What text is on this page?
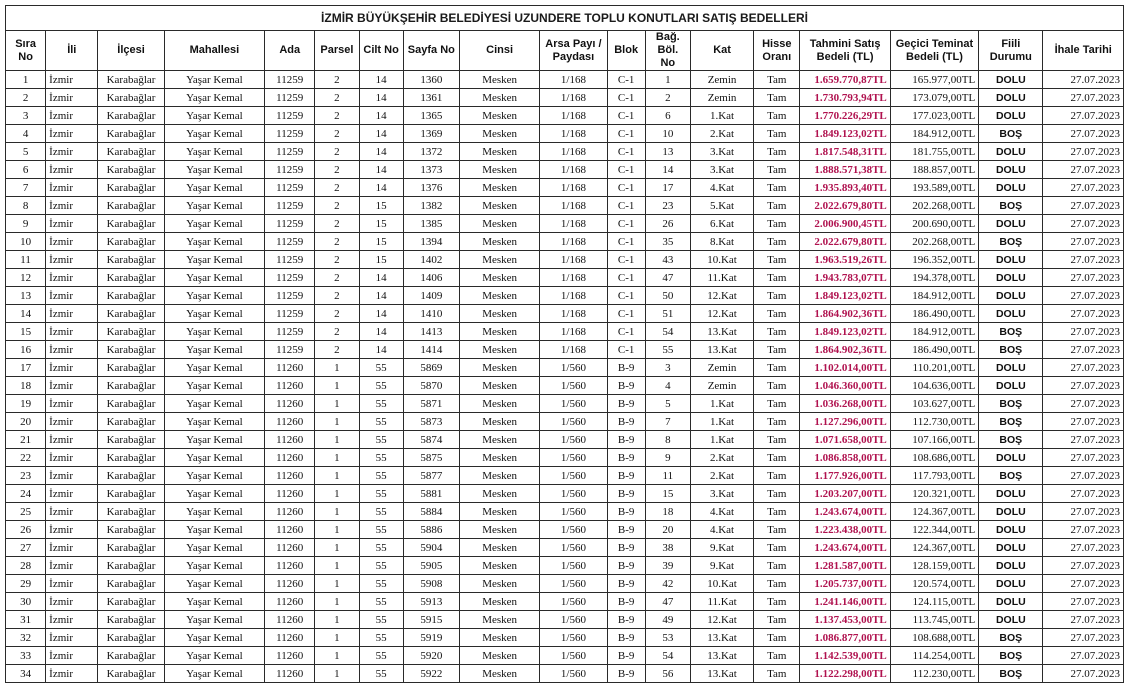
İZMİR BÜYÜKŞEHİR BELEDİYESİ UZUNDERE TOPLU KONUTLARI SATIŞ BEDELLERİ																	
Sıra No	İli	İlçesi	Mahallesi	Ada	Parsel	Cilt No	Sayfa No	Cinsi	Arsa Payı / Paydası	Blok	Bağ. Böl. No	Kat	Hisse Oranı	Tahmini Satış Bedeli (TL)	Geçici Teminat Bedeli (TL)	Fiili Durumu	İhale Tarihi
1	İzmir	Karabağlar	Yaşar Kemal	11259	2	14	1360	Mesken	1/168	C-1	1	Zemin	Tam	1.659.770,87TL	165.977,00TL	DOLU	27.07.2023
2	İzmir	Karabağlar	Yaşar Kemal	11259	2	14	1361	Mesken	1/168	C-1	2	Zemin	Tam	1.730.793,94TL	173.079,00TL	DOLU	27.07.2023
3	İzmir	Karabağlar	Yaşar Kemal	11259	2	14	1365	Mesken	1/168	C-1	6	1.Kat	Tam	1.770.226,29TL	177.023,00TL	DOLU	27.07.2023
4	İzmir	Karabağlar	Yaşar Kemal	11259	2	14	1369	Mesken	1/168	C-1	10	2.Kat	Tam	1.849.123,02TL	184.912,00TL	BOŞ	27.07.2023
5	İzmir	Karabağlar	Yaşar Kemal	11259	2	14	1372	Mesken	1/168	C-1	13	3.Kat	Tam	1.817.548,31TL	181.755,00TL	DOLU	27.07.2023
6	İzmir	Karabağlar	Yaşar Kemal	11259	2	14	1373	Mesken	1/168	C-1	14	3.Kat	Tam	1.888.571,38TL	188.857,00TL	DOLU	27.07.2023
7	İzmir	Karabağlar	Yaşar Kemal	11259	2	14	1376	Mesken	1/168	C-1	17	4.Kat	Tam	1.935.893,40TL	193.589,00TL	DOLU	27.07.2023
8	İzmir	Karabağlar	Yaşar Kemal	11259	2	15	1382	Mesken	1/168	C-1	23	5.Kat	Tam	2.022.679,80TL	202.268,00TL	BOŞ	27.07.2023
9	İzmir	Karabağlar	Yaşar Kemal	11259	2	15	1385	Mesken	1/168	C-1	26	6.Kat	Tam	2.006.900,45TL	200.690,00TL	DOLU	27.07.2023
10	İzmir	Karabağlar	Yaşar Kemal	11259	2	15	1394	Mesken	1/168	C-1	35	8.Kat	Tam	2.022.679,80TL	202.268,00TL	BOŞ	27.07.2023
11	İzmir	Karabağlar	Yaşar Kemal	11259	2	15	1402	Mesken	1/168	C-1	43	10.Kat	Tam	1.963.519,26TL	196.352,00TL	DOLU	27.07.2023
12	İzmir	Karabağlar	Yaşar Kemal	11259	2	14	1406	Mesken	1/168	C-1	47	11.Kat	Tam	1.943.783,07TL	194.378,00TL	DOLU	27.07.2023
13	İzmir	Karabağlar	Yaşar Kemal	11259	2	14	1409	Mesken	1/168	C-1	50	12.Kat	Tam	1.849.123,02TL	184.912,00TL	DOLU	27.07.2023
14	İzmir	Karabağlar	Yaşar Kemal	11259	2	14	1410	Mesken	1/168	C-1	51	12.Kat	Tam	1.864.902,36TL	186.490,00TL	DOLU	27.07.2023
15	İzmir	Karabağlar	Yaşar Kemal	11259	2	14	1413	Mesken	1/168	C-1	54	13.Kat	Tam	1.849.123,02TL	184.912,00TL	BOŞ	27.07.2023
16	İzmir	Karabağlar	Yaşar Kemal	11259	2	14	1414	Mesken	1/168	C-1	55	13.Kat	Tam	1.864.902,36TL	186.490,00TL	BOŞ	27.07.2023
17	İzmir	Karabağlar	Yaşar Kemal	11260	1	55	5869	Mesken	1/560	B-9	3	Zemin	Tam	1.102.014,00TL	110.201,00TL	DOLU	27.07.2023
18	İzmir	Karabağlar	Yaşar Kemal	11260	1	55	5870	Mesken	1/560	B-9	4	Zemin	Tam	1.046.360,00TL	104.636,00TL	DOLU	27.07.2023
19	İzmir	Karabağlar	Yaşar Kemal	11260	1	55	5871	Mesken	1/560	B-9	5	1.Kat	Tam	1.036.268,00TL	103.627,00TL	BOŞ	27.07.2023
20	İzmir	Karabağlar	Yaşar Kemal	11260	1	55	5873	Mesken	1/560	B-9	7	1.Kat	Tam	1.127.296,00TL	112.730,00TL	BOŞ	27.07.2023
21	İzmir	Karabağlar	Yaşar Kemal	11260	1	55	5874	Mesken	1/560	B-9	8	1.Kat	Tam	1.071.658,00TL	107.166,00TL	BOŞ	27.07.2023
22	İzmir	Karabağlar	Yaşar Kemal	11260	1	55	5875	Mesken	1/560	B-9	9	2.Kat	Tam	1.086.858,00TL	108.686,00TL	DOLU	27.07.2023
23	İzmir	Karabağlar	Yaşar Kemal	11260	1	55	5877	Mesken	1/560	B-9	11	2.Kat	Tam	1.177.926,00TL	117.793,00TL	BOŞ	27.07.2023
24	İzmir	Karabağlar	Yaşar Kemal	11260	1	55	5881	Mesken	1/560	B-9	15	3.Kat	Tam	1.203.207,00TL	120.321,00TL	DOLU	27.07.2023
25	İzmir	Karabağlar	Yaşar Kemal	11260	1	55	5884	Mesken	1/560	B-9	18	4.Kat	Tam	1.243.674,00TL	124.367,00TL	DOLU	27.07.2023
26	İzmir	Karabağlar	Yaşar Kemal	11260	1	55	5886	Mesken	1/560	B-9	20	4.Kat	Tam	1.223.438,00TL	122.344,00TL	DOLU	27.07.2023
27	İzmir	Karabağlar	Yaşar Kemal	11260	1	55	5904	Mesken	1/560	B-9	38	9.Kat	Tam	1.243.674,00TL	124.367,00TL	DOLU	27.07.2023
28	İzmir	Karabağlar	Yaşar Kemal	11260	1	55	5905	Mesken	1/560	B-9	39	9.Kat	Tam	1.281.587,00TL	128.159,00TL	DOLU	27.07.2023
29	İzmir	Karabağlar	Yaşar Kemal	11260	1	55	5908	Mesken	1/560	B-9	42	10.Kat	Tam	1.205.737,00TL	120.574,00TL	DOLU	27.07.2023
30	İzmir	Karabağlar	Yaşar Kemal	11260	1	55	5913	Mesken	1/560	B-9	47	11.Kat	Tam	1.241.146,00TL	124.115,00TL	DOLU	27.07.2023
31	İzmir	Karabağlar	Yaşar Kemal	11260	1	55	5915	Mesken	1/560	B-9	49	12.Kat	Tam	1.137.453,00TL	113.745,00TL	DOLU	27.07.2023
32	İzmir	Karabağlar	Yaşar Kemal	11260	1	55	5919	Mesken	1/560	B-9	53	13.Kat	Tam	1.086.877,00TL	108.688,00TL	BOŞ	27.07.2023
33	İzmir	Karabağlar	Yaşar Kemal	11260	1	55	5920	Mesken	1/560	B-9	54	13.Kat	Tam	1.142.539,00TL	114.254,00TL	BOŞ	27.07.2023
34	İzmir	Karabağlar	Yaşar Kemal	11260	1	55	5922	Mesken	1/560	B-9	56	13.Kat	Tam	1.122.298,00TL	112.230,00TL	BOŞ	27.07.2023
